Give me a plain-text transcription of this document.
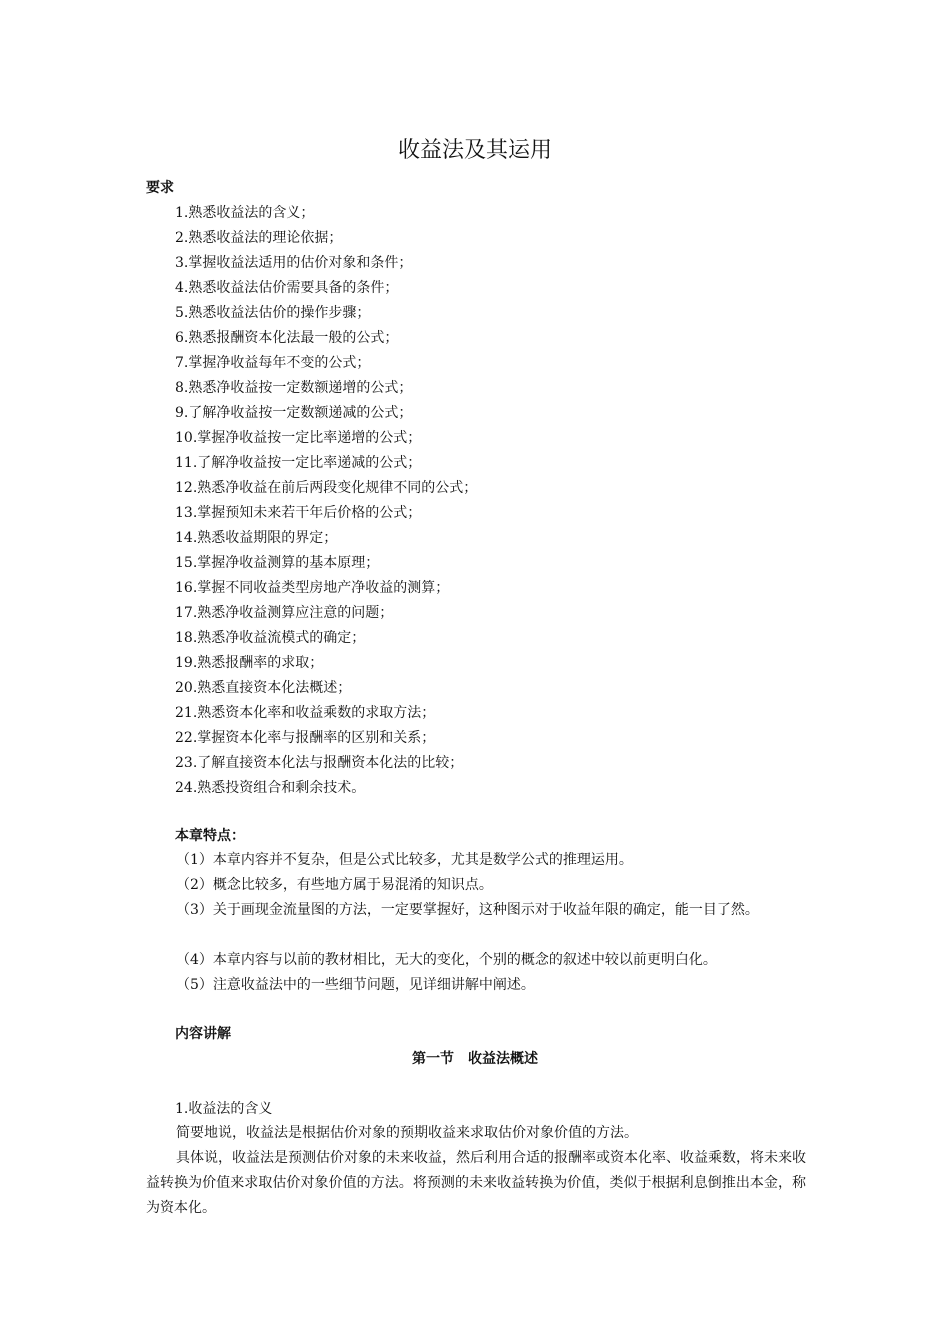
收益法及其运用
要求
1.熟悉收益法的含义；
2.熟悉收益法的理论依据；
3.掌握收益法适用的估价对象和条件；
4.熟悉收益法估价需要具备的条件；
5.熟悉收益法估价的操作步骤；
6.熟悉报酬资本化法最一般的公式；
7.掌握净收益每年不变的公式；
8.熟悉净收益按一定数额递增的公式；
9.了解净收益按一定数额递减的公式；
10.掌握净收益按一定比率递增的公式；
11.了解净收益按一定比率递减的公式；
12.熟悉净收益在前后两段变化规律不同的公式；
13.掌握预知未来若干年后价格的公式；
14.熟悉收益期限的界定；
15.掌握净收益测算的基本原理；
16.掌握不同收益类型房地产净收益的测算；
17.熟悉净收益测算应注意的问题；
18.熟悉净收益流模式的确定；
19.熟悉报酬率的求取；
20.熟悉直接资本化法概述；
21.熟悉资本化率和收益乘数的求取方法；
22.掌握资本化率与报酬率的区别和关系；
23.了解直接资本化法与报酬资本化法的比较；
24.熟悉投资组合和剩余技术。
本章特点：
（1）本章内容并不复杂，但是公式比较多，尤其是数学公式的推理运用。
（2）概念比较多，有些地方属于易混淆的知识点。
（3）关于画现金流量图的方法，一定要掌握好，这种图示对于收益年限的确定，能一目了然。
（4）本章内容与以前的教材相比，无大的变化，个别的概念的叙述中较以前更明白化。
（5）注意收益法中的一些细节问题，见详细讲解中阐述。
内容讲解
第一节　收益法概述
1.收益法的含义
简要地说，收益法是根据估价对象的预期收益来求取估价对象价值的方法。
具体说，收益法是预测估价对象的未来收益，然后利用合适的报酬率或资本化率、收益乘数，将未来收益转换为价值来求取估价对象价值的方法。将预测的未来收益转换为价值，类似于根据利息倒推出本金，称为资本化。
